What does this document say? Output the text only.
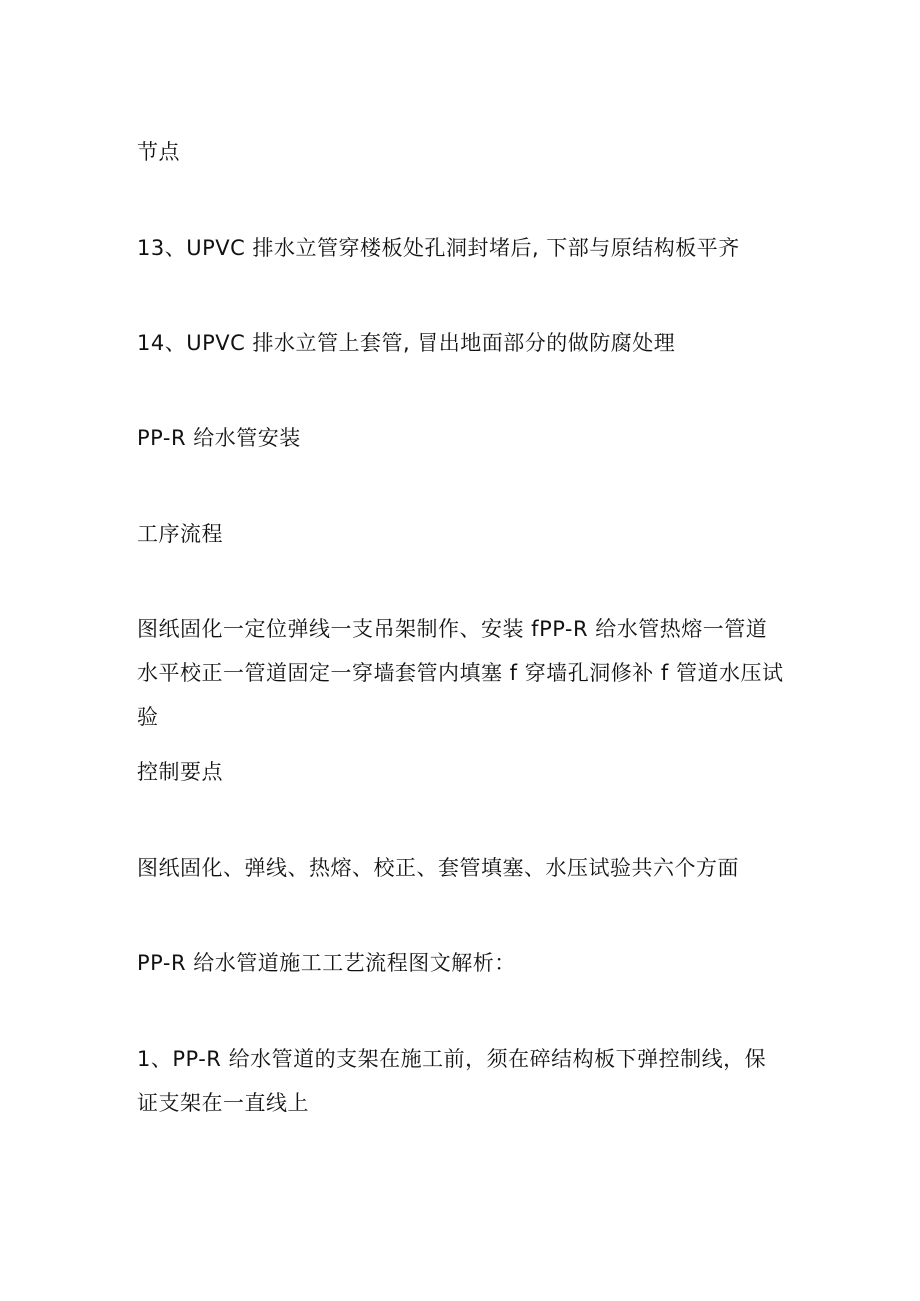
节点

13、UPVC 排水立管穿楼板处孔洞封堵后, 下部与原结构板平齐

14、UPVC 排水立管上套管, 冒出地面部分的做防腐处理

PP-R 给水管安装

工序流程

图纸固化一定位弹线一支吊架制作、安装 fPP-R 给水管热熔一管道水平校正一管道固定一穿墙套管内填塞 f 穿墙孔洞修补 f 管道水压试验

控制要点

图纸固化、弹线、热熔、校正、套管填塞、水压试验共六个方面

PP-R 给水管道施工工艺流程图文解析：

1、PP-R 给水管道的支架在施工前，须在碎结构板下弹控制线，保证支架在一直线上
